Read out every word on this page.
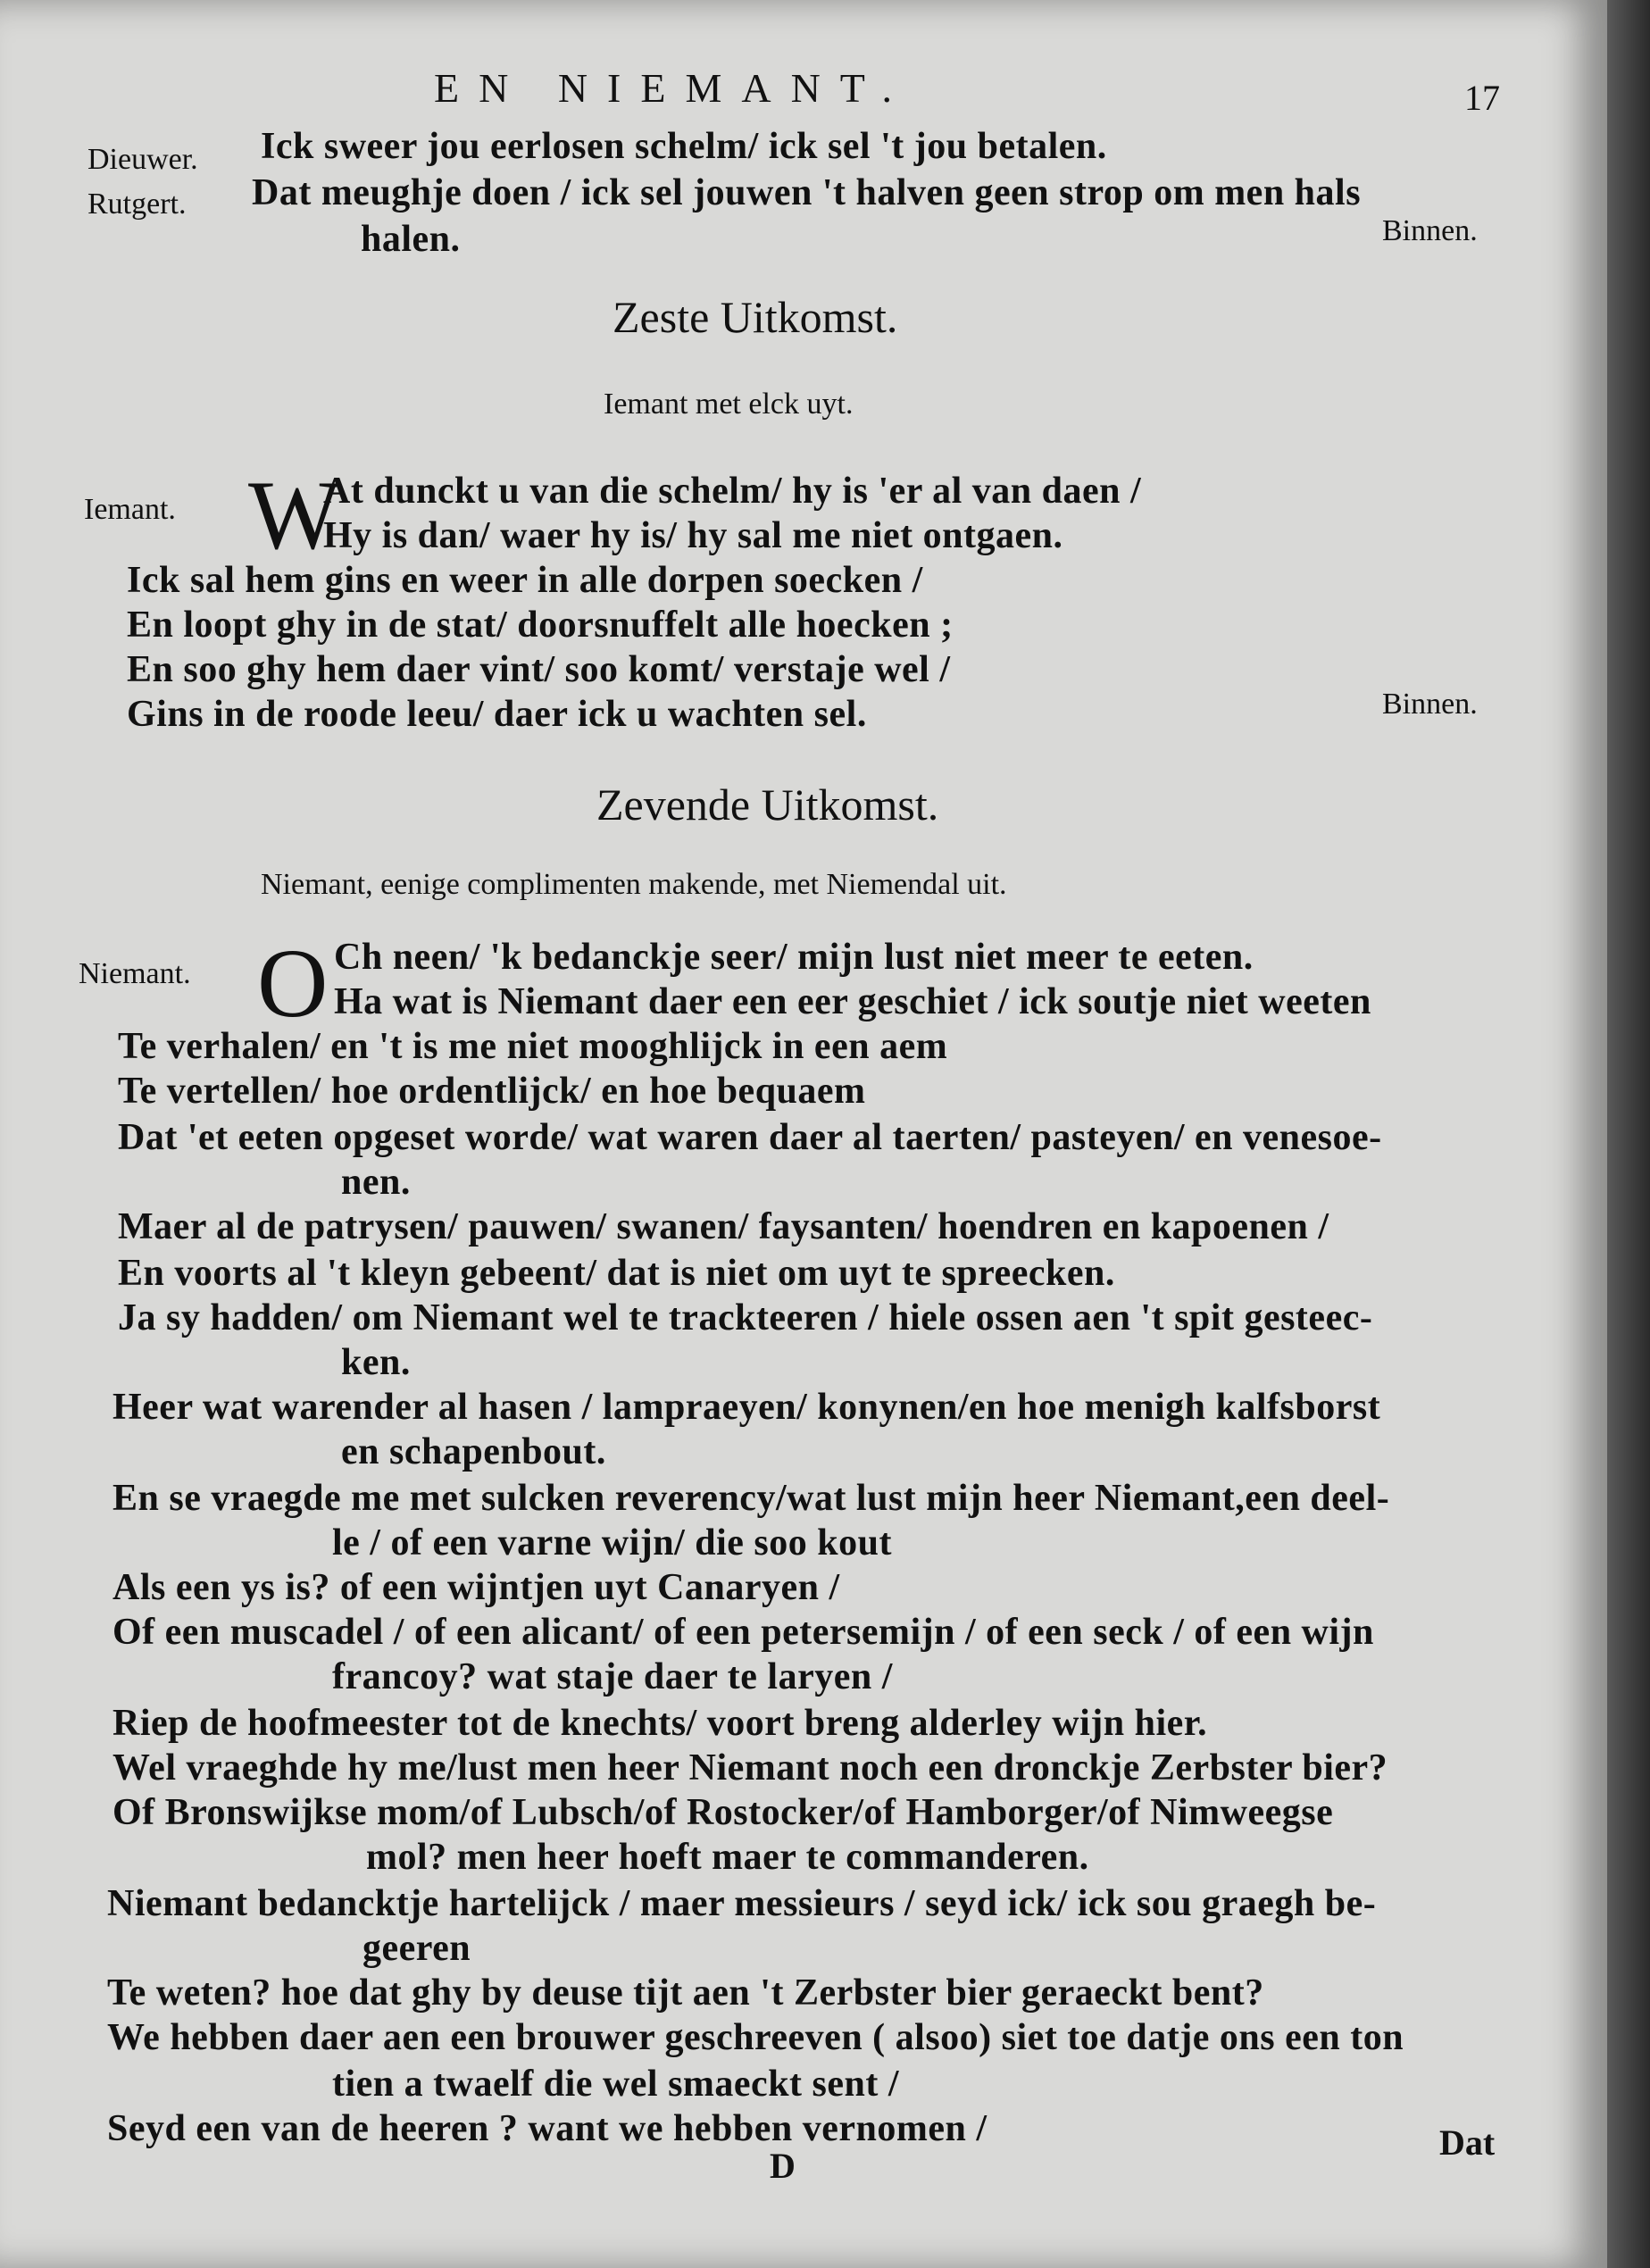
EN NIEMANT.	17
Dieuwer. Ick sweer jou eerlosen schelm/ ick sel 't jou betalen.
Rutgert. Dat meughje doen / ick sel jouwen 't halven geen strop om men hals
halen.	Binnen.
Zeste Uitkomst.
Iemant met elck uyt.
Iemant. W
At dunckt u van die schelm/ hy is 'er al van daen /
Hy is dan/ waer hy is/ hy sal me niet ontgaen.
Ick sal hem gins en weer in alle dorpen soecken /
En loopt ghy in de stat/ doorsnuffelt alle hoecken ;
En soo ghy hem daer vint/ soo komt/ verstaje wel /
Gins in de roode leeu/ daer ick u wachten sel.	Binnen.
Zevende Uitkomst.
Niemant, eenige complimenten makende, met Niemendal uit.
Niemant. O Ch neen/ 'k bedanckje seer/ mijn lust niet meer te eeten.
Ha wat is Niemant daer een eer geschiet / ick soutje niet weeten
Te verhalen/ en 't is me niet mooghlijck in een aem
Te vertellen/ hoe ordentlijck/ en hoe bequaem
Dat 'et eeten opgeset worde/ wat waren daer al taerten/ pasteyen/ en venesoe-
nen.
Maer al de patrysen/ pauwen/ swanen/ faysanten/ hoendren en kapoenen /
En voorts al 't kleyn gebeent/ dat is niet om uyt te spreecken.
Ja sy hadden/ om Niemant wel te trackteeren / hiele ossen aen 't spit gesteec-
ken.
Heer wat warender al hasen / lampraeyen/ konynen/en hoe menigh kalfsborst
en schapenbout.
En se vraegde me met sulcken reverency/wat lust mijn heer Niemant,een deel-
le / of een varne wijn/ die soo kout
Als een ys is? of een wijntjen uyt Canaryen /
Of een muscadel / of een alicant/ of een petersemijn / of een seck / of een wijn
francoy? wat staje daer te laryen /
Riep de hoofmeester tot de knechts/ voort breng alderley wijn hier.
Wel vraeghde hy me/lust men heer Niemant noch een dronckje Zerbster bier?
Of Bronswijkse mom/of Lubsch/of Rostocker/of Hamborger/of Nimweegse
mol? men heer hoeft maer te commanderen.
Niemant bedancktje hartelijck / maer messieurs / seyd ick/ ick sou graegh be-
geeren
Te weten? hoe dat ghy by deuse tijt aen 't Zerbster bier geraeckt bent?
We hebben daer aen een brouwer geschreeven ( alsoo) siet toe datje ons een ton
tien a twaelf die wel smaeckt sent /
Seyd een van de heeren ? want we hebben vernomen /
D
Dat
